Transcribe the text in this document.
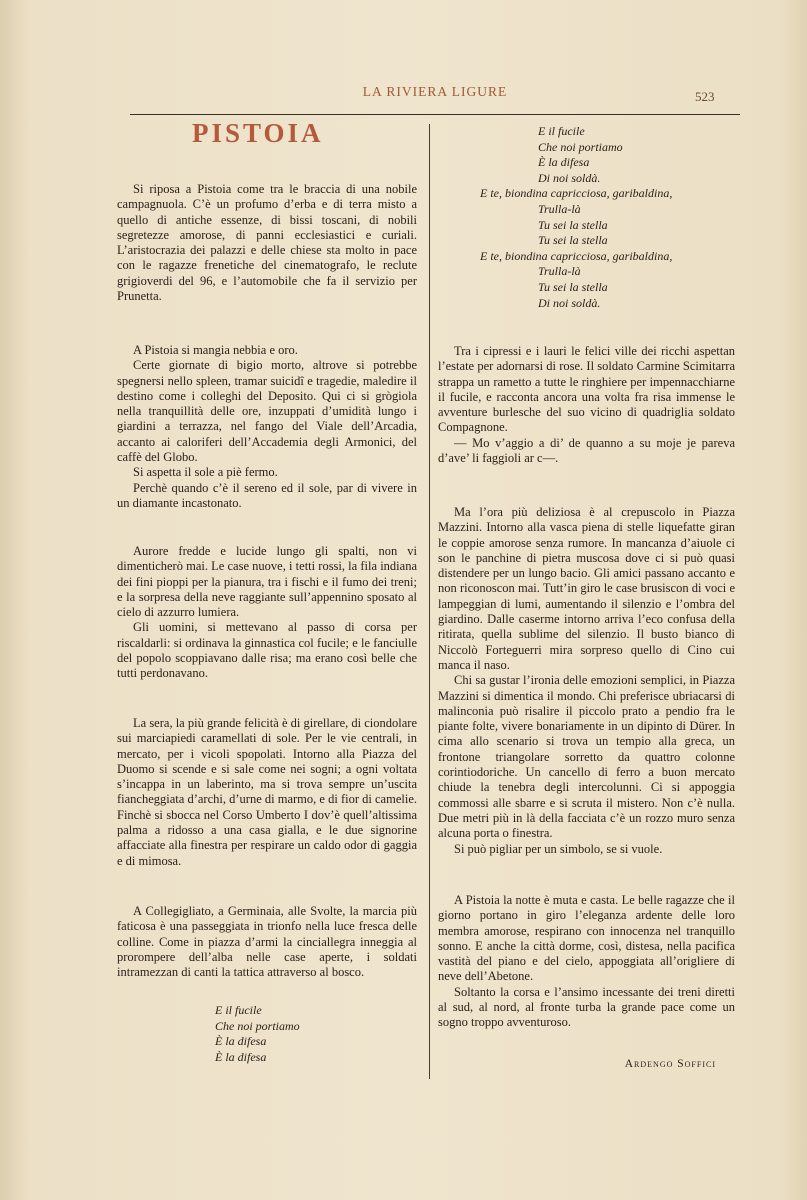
LA RIVIERA LIGURE	523
PISTOIA

Si riposa a Pistoia come tra le braccia di una nobile campagnuola. C’è un profumo d’erba e di terra misto a quello di antiche essenze, di bissi toscani, di nobili segretezze amorose, di panni ecclesiastici e curiali. L’aristocrazia dei palazzi e delle chiese sta molto in pace con le ragazze frenetiche del cinematografo, le reclute grigioverdi del 96, e l’automobile che fa il servizio per Prunetta.

A Pistoia si mangia nebbia e oro.

Certe giornate di bigio morto, altrove si potrebbe spegnersi nello spleen, tramar suicidî e tragedie, maledire il destino come i colleghi del Deposito. Qui ci si grògiola nella tranquillità delle ore, inzuppati d’umidità lungo i giardini a terrazza, nel fango del Viale dell’Arcadia, accanto ai caloriferi dell’Accademia degli Armonici, del caffè del Globo.

Si aspetta il sole a piè fermo.

Perchè quando c’è il sereno ed il sole, par di vivere in un diamante incastonato.

Aurore fredde e lucide lungo gli spalti, non vi dimenticherò mai. Le case nuove, i tetti rossi, la fila indiana dei fini pioppi per la pianura, tra i fischi e il fumo dei treni; e la sorpresa della neve raggiante sull’appennino sposato al cielo di azzurro lumiera.

Gli uomini, si mettevano al passo di corsa per riscaldarli: si ordinava la ginnastica col fucile; e le fanciulle del popolo scoppiavano dalle risa; ma erano così belle che tutti perdonavano.

La sera, la più grande felicità è di girellare, di ciondolare sui marciapiedi caramellati di sole. Per le vie centrali, in mercato, per i vicoli spopolati. Intorno alla Piazza del Duomo si scende e si sale come nei sogni; a ogni voltata s’incappa in un laberinto, ma si trova sempre un’uscita fiancheggiata d’archi, d’urne di marmo, e di fior di camelie. Finchè si sbocca nel Corso Umberto I dov’è quell’altissima palma a ridosso a una casa gialla, e le due signorine affacciate alla finestra per respirare un caldo odor di gaggia e di mimosa.

A Collegigliato, a Germinaia, alle Svolte, la marcia più faticosa è una passeggiata in trionfo nella luce fresca delle colline. Come in piazza d’armi la cinciallegra inneggia al prorompere dell’alba nelle case aperte, i soldati intramezzan di canti la tattica attraverso al bosco.

E il fucile
Che noi portiamo
È la difesa
È la difesa
E il fucile
Che noi portiamo
È la difesa
Di noi soldà.
E te, biondina capricciosa, garibaldina,
Trulla-là
Tu sei la stella
Tu sei la stella
E te, biondina capricciosa, garibaldina,
Trulla-là
Tu sei la stella
Di noi soldà.

Tra i cipressi e i lauri le felici ville dei ricchi aspettan l’estate per adornarsi di rose. Il soldato Carmine Scimitarra strappa un rametto a tutte le ringhiere per impennacchiarne il fucile, e racconta ancora una volta fra risa immense le avventure burlesche del suo vicino di quadriglia soldato Compagnone.

— Mo v’aggio a di’ de quanno a su moje je pareva d’ave’ li faggioli ar c—.

Ma l’ora più deliziosa è al crepuscolo in Piazza Mazzini. Intorno alla vasca piena di stelle liquefatte giran le coppie amorose senza rumore. In mancanza d’aiuole ci son le panchine di pietra muscosa dove ci si può quasi distendere per un lungo bacio. Gli amici passano accanto e non riconoscon mai. Tutt’in giro le case brusiscon di voci e lampeggian di lumi, aumentando il silenzio e l’ombra del giardino. Dalle caserme intorno arriva l’eco confusa della ritirata, quella sublime del silenzio. Il busto bianco di Niccolò Forteguerri mira sorpreso quello di Cino cui manca il naso.

Chi sa gustar l’ironia delle emozioni semplici, in Piazza Mazzini si dimentica il mondo. Chi preferisce ubriacarsi di malinconia può risalire il piccolo prato a pendio fra le piante folte, vivere bonariamente in un dipinto di Dürer. In cima allo scenario si trova un tempio alla greca, un frontone triangolare sorretto da quattro colonne corintiodoriche. Un cancello di ferro a buon mercato chiude la tenebra degli intercolunni. Ci si appoggia commossi alle sbarre e si scruta il mistero. Non c’è nulla. Due metri più in là della facciata c’è un rozzo muro senza alcuna porta o finestra.

Si può pigliar per un simbolo, se si vuole.

A Pistoia la notte è muta e casta. Le belle ragazze che il giorno portano in giro l’eleganza ardente delle loro membra amorose, respirano con innocenza nel tranquillo sonno. E anche la città dorme, così, distesa, nella pacifica vastità del piano e del cielo, appoggiata all’origliere di neve dell’Abetone.

Soltanto la corsa e l’ansimo incessante dei treni diretti al sud, al nord, al fronte turba la grande pace come un sogno troppo avventuroso.

Ardengo Soffici
